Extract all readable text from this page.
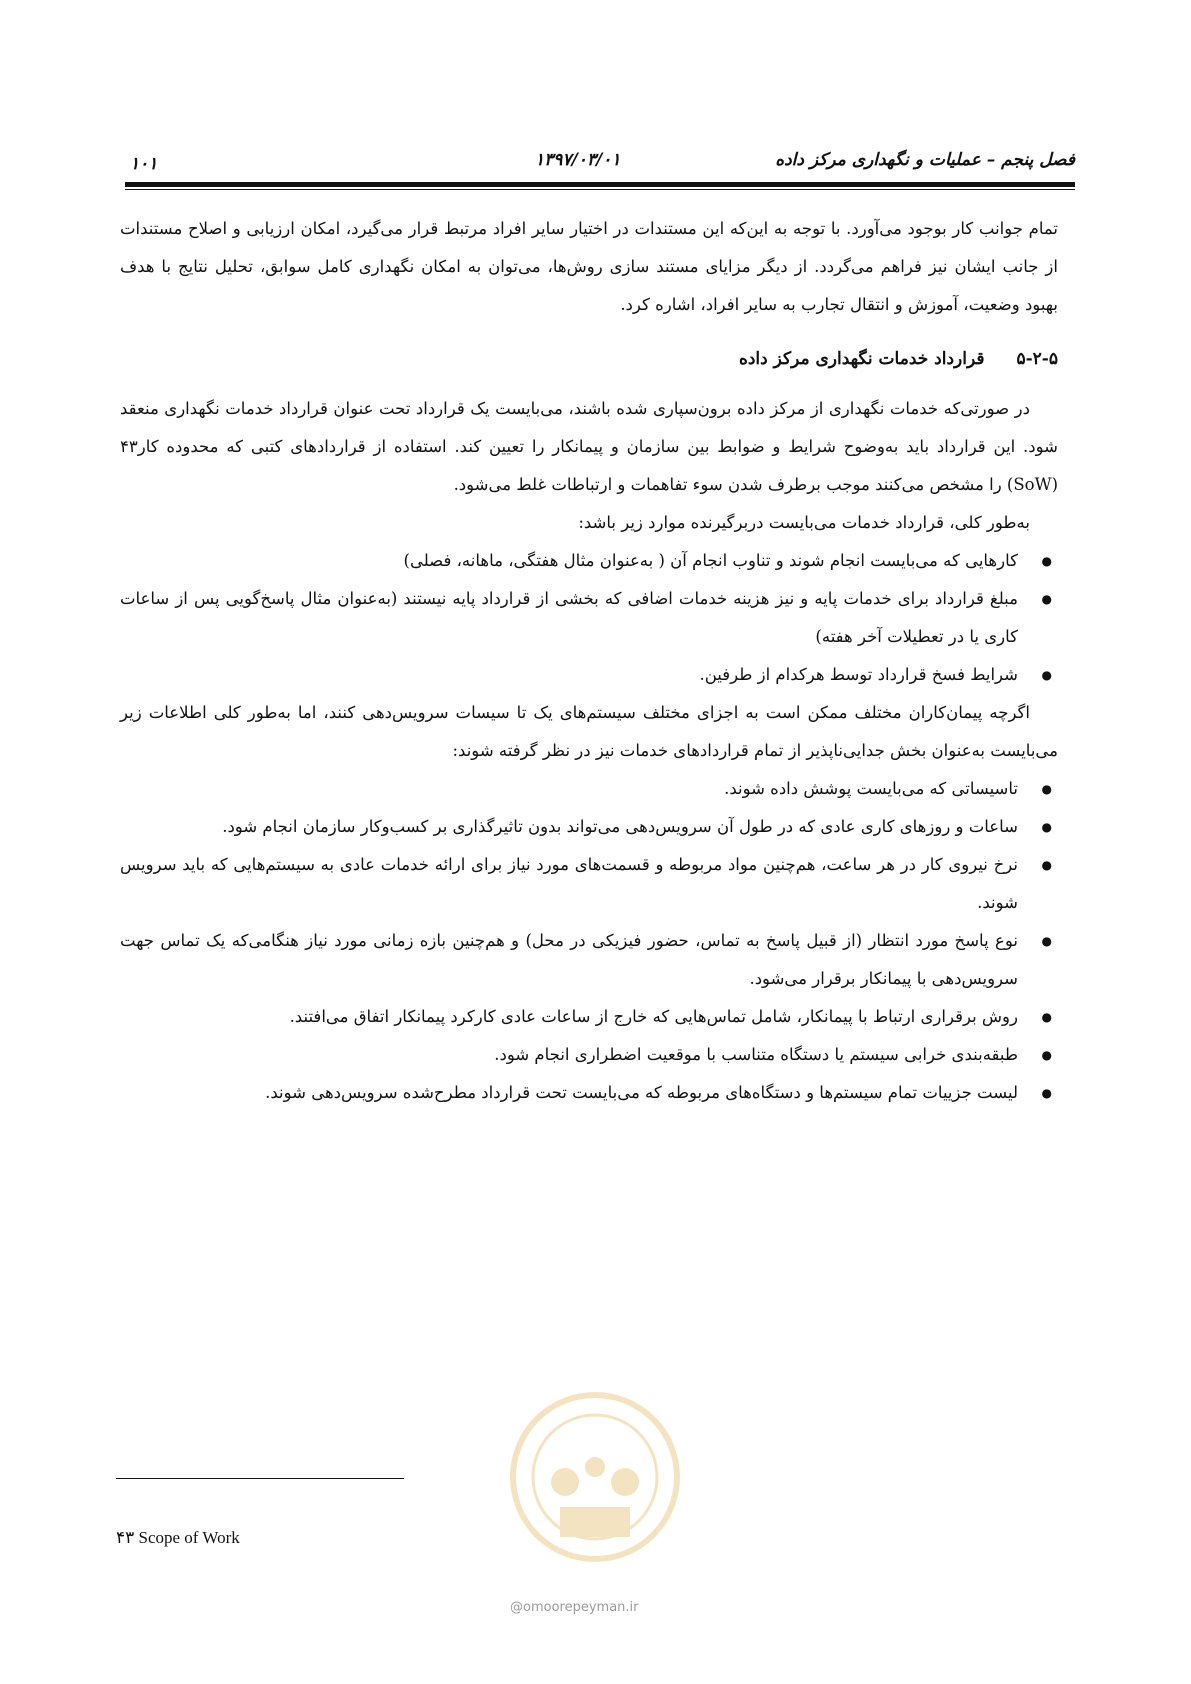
فصل پنجم – عملیات و نگهداری مرکز داده
۱۳۹۷/۰۳/۰۱
۱۰۱

تمام جوانب کار بوجود می‌آورد. با توجه به این‌که این مستندات در اختیار سایر افراد مرتبط قرار می‌گیرد، امکان ارزیابی و اصلاح مستندات از جانب ایشان نیز فراهم می‌گردد. از دیگر مزایای مستند سازی روش‌ها، می‌توان به امکان نگهداری کامل سوابق، تحلیل نتایج با هدف بهبود وضعیت، آموزش و انتقال تجارب به سایر افراد، اشاره کرد.

۵-۲-۵
قرارداد خدمات نگهداری مرکز داده

در صورتی‌که خدمات نگهداری از مرکز داده برون‌سپاری شده باشند، می‌بایست یک قرارداد تحت عنوان قرارداد خدمات نگهداری منعقد شود. این قرارداد باید به‌وضوح شرایط و ضوابط بین سازمان و پیمانکار را تعیین کند. استفاده از قراردادهای کتبی که محدوده کار۴۳ (SoW) را مشخص می‌کنند موجب برطرف شدن سوء تفاهمات و ارتباطات غلط می‌شود.

به‌طور کلی، قرارداد خدمات می‌بایست دربرگیرنده موارد زیر باشد:

● کارهایی که می‌بایست انجام شوند و تناوب انجام آن ( به‌عنوان مثال هفتگی، ماهانه، فصلی)
● مبلغ قرارداد برای خدمات پایه و نیز هزینه خدمات اضافی که بخشی از قرارداد پایه نیستند (به‌عنوان مثال پاسخ‌گویی پس از ساعات کاری یا در تعطیلات آخر هفته)
● شرایط فسخ قرارداد توسط هرکدام از طرفین.

اگرچه پیمان‌کاران مختلف ممکن است به اجزای مختلف سیستم‌های یک تا سیسات سرویس‌دهی کنند، اما به‌طور کلی اطلاعات زیر می‌بایست به‌عنوان بخش جدایی‌ناپذیر از تمام قراردادهای خدمات نیز در نظر گرفته شوند:

● تاسیساتی که می‌بایست پوشش داده شوند.
● ساعات و روزهای کاری عادی که در طول آن سرویس‌دهی می‌تواند بدون تاثیرگذاری بر کسب‌وکار سازمان انجام شود.
● نرخ نیروی کار در هر ساعت، هم‌چنین مواد مربوطه و قسمت‌های مورد نیاز برای ارائه خدمات عادی به سیستم‌هایی که باید سرویس شوند.
● نوع پاسخ مورد انتظار (از قبیل پاسخ به تماس، حضور فیزیکی در محل) و هم‌چنین بازه زمانی مورد نیاز هنگامی‌که یک تماس جهت سرویس‌دهی با پیمانکار برقرار می‌شود.
● روش برقراری ارتباط با پیمانکار، شامل تماس‌هایی که خارج از ساعات عادی کارکرد پیمانکار اتفاق می‌افتند.
● طبقه‌بندی خرابی سیستم یا دستگاه متناسب با موقعیت اضطراری انجام شود.
● لیست جزییات تمام سیستم‌ها و دستگاه‌های مربوطه که می‌بایست تحت قرارداد مطرح‌شده سرویس‌دهی شوند.
۴۳ Scope of Work
@omoorepeyman.ir
